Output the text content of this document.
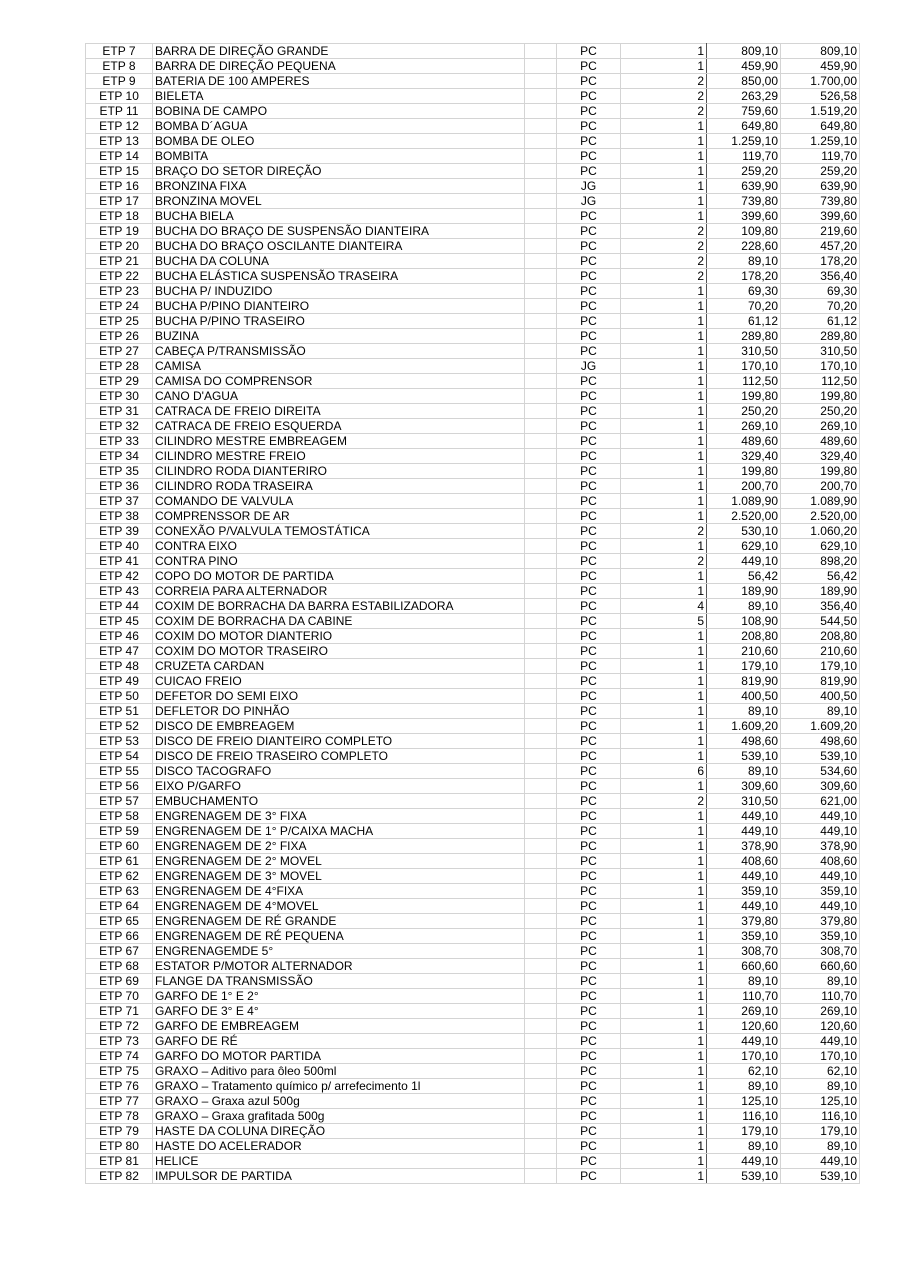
ETP 7	BARRA DE DIREÇÃO GRANDE		PC	1	809,10	809,10
ETP 8	BARRA DE DIREÇÃO PEQUENA		PC	1	459,90	459,90
ETP 9	BATERIA DE 100 AMPERES		PC	2	850,00	1.700,00
ETP 10	BIELETA		PC	2	263,29	526,58
ETP 11	BOBINA DE CAMPO		PC	2	759,60	1.519,20
ETP 12	BOMBA D´AGUA		PC	1	649,80	649,80
ETP 13	BOMBA DE OLEO		PC	1	1.259,10	1.259,10
ETP 14	BOMBITA		PC	1	119,70	119,70
ETP 15	BRAÇO DO SETOR DIREÇÃO		PC	1	259,20	259,20
ETP 16	BRONZINA FIXA		JG	1	639,90	639,90
ETP 17	BRONZINA MOVEL		JG	1	739,80	739,80
ETP 18	BUCHA BIELA		PC	1	399,60	399,60
ETP 19	BUCHA DO BRAÇO DE SUSPENSÃO DIANTEIRA		PC	2	109,80	219,60
ETP 20	BUCHA DO BRAÇO OSCILANTE DIANTEIRA		PC	2	228,60	457,20
ETP 21	BUCHA DA COLUNA		PC	2	89,10	178,20
ETP 22	BUCHA ELÁSTICA SUSPENSÃO TRASEIRA		PC	2	178,20	356,40
ETP 23	BUCHA P/ INDUZIDO		PC	1	69,30	69,30
ETP 24	BUCHA P/PINO DIANTEIRO		PC	1	70,20	70,20
ETP 25	BUCHA P/PINO TRASEIRO		PC	1	61,12	61,12
ETP 26	BUZINA		PC	1	289,80	289,80
ETP 27	CABEÇA P/TRANSMISSÃO		PC	1	310,50	310,50
ETP 28	CAMISA		JG	1	170,10	170,10
ETP 29	CAMISA DO COMPRENSOR		PC	1	112,50	112,50
ETP 30	CANO D'AGUA		PC	1	199,80	199,80
ETP 31	CATRACA DE FREIO DIREITA		PC	1	250,20	250,20
ETP 32	CATRACA DE FREIO ESQUERDA		PC	1	269,10	269,10
ETP 33	CILINDRO MESTRE EMBREAGEM		PC	1	489,60	489,60
ETP 34	CILINDRO MESTRE FREIO		PC	1	329,40	329,40
ETP 35	CILINDRO RODA DIANTERIRO		PC	1	199,80	199,80
ETP 36	CILINDRO RODA TRASEIRA		PC	1	200,70	200,70
ETP 37	COMANDO DE VALVULA		PC	1	1.089,90	1.089,90
ETP 38	COMPRENSSOR DE AR		PC	1	2.520,00	2.520,00
ETP 39	CONEXÃO P/VALVULA TEMOSTÁTICA		PC	2	530,10	1.060,20
ETP 40	CONTRA EIXO		PC	1	629,10	629,10
ETP 41	CONTRA PINO		PC	2	449,10	898,20
ETP 42	COPO DO MOTOR DE PARTIDA		PC	1	56,42	56,42
ETP 43	CORREIA PARA ALTERNADOR		PC	1	189,90	189,90
ETP 44	COXIM DE BORRACHA DA BARRA ESTABILIZADORA		PC	4	89,10	356,40
ETP 45	COXIM DE BORRACHA DA CABINE		PC	5	108,90	544,50
ETP 46	COXIM DO MOTOR DIANTERIO		PC	1	208,80	208,80
ETP 47	COXIM DO MOTOR TRASEIRO		PC	1	210,60	210,60
ETP 48	CRUZETA CARDAN		PC	1	179,10	179,10
ETP 49	CUICAO FREIO		PC	1	819,90	819,90
ETP 50	DEFETOR DO SEMI EIXO		PC	1	400,50	400,50
ETP 51	DEFLETOR DO PINHÃO		PC	1	89,10	89,10
ETP 52	DISCO DE EMBREAGEM		PC	1	1.609,20	1.609,20
ETP 53	DISCO DE FREIO DIANTEIRO COMPLETO		PC	1	498,60	498,60
ETP 54	DISCO DE FREIO TRASEIRO COMPLETO		PC	1	539,10	539,10
ETP 55	DISCO TACOGRAFO		PC	6	89,10	534,60
ETP 56	EIXO P/GARFO		PC	1	309,60	309,60
ETP 57	EMBUCHAMENTO		PC	2	310,50	621,00
ETP 58	ENGRENAGEM DE 3° FIXA		PC	1	449,10	449,10
ETP 59	ENGRENAGEM DE 1° P/CAIXA MACHA		PC	1	449,10	449,10
ETP 60	ENGRENAGEM DE 2° FIXA		PC	1	378,90	378,90
ETP 61	ENGRENAGEM DE 2° MOVEL		PC	1	408,60	408,60
ETP 62	ENGRENAGEM DE 3° MOVEL		PC	1	449,10	449,10
ETP 63	ENGRENAGEM DE 4°FIXA		PC	1	359,10	359,10
ETP 64	ENGRENAGEM DE 4°MOVEL		PC	1	449,10	449,10
ETP 65	ENGRENAGEM DE RÉ GRANDE		PC	1	379,80	379,80
ETP 66	ENGRENAGEM DE RÉ PEQUENA		PC	1	359,10	359,10
ETP 67	ENGRENAGEMDE 5°		PC	1	308,70	308,70
ETP 68	ESTATOR P/MOTOR ALTERNADOR		PC	1	660,60	660,60
ETP 69	FLANGE DA TRANSMISSÃO		PC	1	89,10	89,10
ETP 70	GARFO DE 1° E 2°		PC	1	110,70	110,70
ETP 71	GARFO DE 3° E 4°		PC	1	269,10	269,10
ETP 72	GARFO DE EMBREAGEM		PC	1	120,60	120,60
ETP 73	GARFO DE RÉ		PC	1	449,10	449,10
ETP 74	GARFO DO MOTOR PARTIDA		PC	1	170,10	170,10
ETP 75	GRAXO – Aditivo para ôleo 500ml		PC	1	62,10	62,10
ETP 76	GRAXO – Tratamento químico p/ arrefecimento 1l		PC	1	89,10	89,10
ETP 77	GRAXO – Graxa azul 500g		PC	1	125,10	125,10
ETP 78	GRAXO – Graxa grafitada 500g		PC	1	116,10	116,10
ETP 79	HASTE DA COLUNA DIREÇÃO		PC	1	179,10	179,10
ETP 80	HASTE DO ACELERADOR		PC	1	89,10	89,10
ETP 81	HELICE		PC	1	449,10	449,10
ETP 82	IMPULSOR DE PARTIDA		PC	1	539,10	539,10
